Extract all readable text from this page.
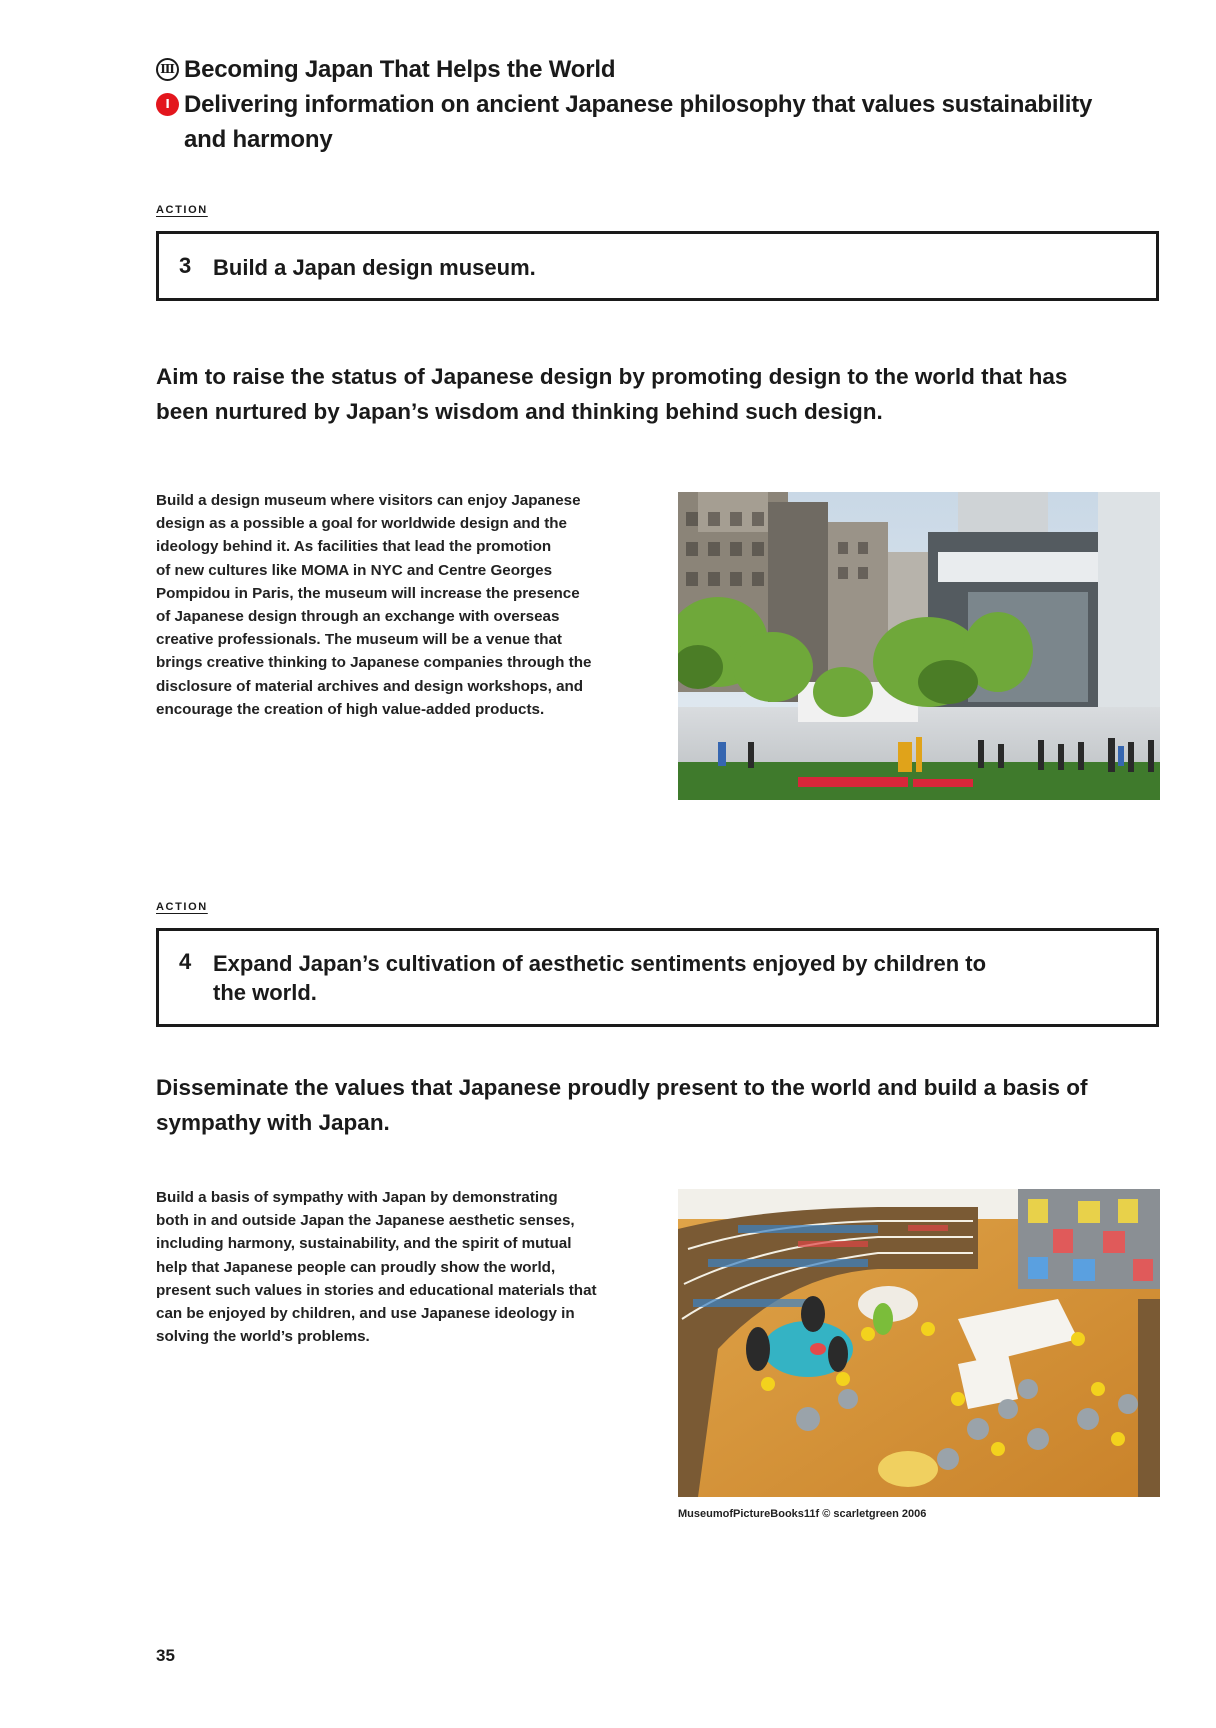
Ⅲ Becoming Japan That Helps the World
I Delivering information on ancient Japanese philosophy that values sustainability
and harmony
ACTION
3 Build a Japan design museum.
Aim to raise the status of Japanese design by promoting design to the world that has
been nurtured by Japan’s wisdom and thinking behind such design.
Build a design museum where visitors can enjoy Japanese
design as a possible a goal for worldwide design and the
ideology behind it. As facilities that lead the promotion
of new cultures like MOMA in NYC and Centre Georges
Pompidou in Paris, the museum will increase the presence
of Japanese design through an exchange with overseas
creative professionals. The museum will be a venue that
brings creative thinking to Japanese companies through the
disclosure of material archives and design workshops, and
encourage the creation of high value-added products.
ACTION
4 Expand Japan’s cultivation of aesthetic sentiments enjoyed by children to
the world.
Disseminate the values that Japanese proudly present to the world and build a basis of
sympathy with Japan.
Build a basis of sympathy with Japan by demonstrating
both in and outside Japan the Japanese aesthetic senses,
including harmony, sustainability, and the spirit of mutual
help that Japanese people can proudly show the world,
present such values in stories and educational materials that
can be enjoyed by children, and use Japanese ideology in
solving the world’s problems.
MuseumofPictureBooks11f © scarletgreen 2006
35
